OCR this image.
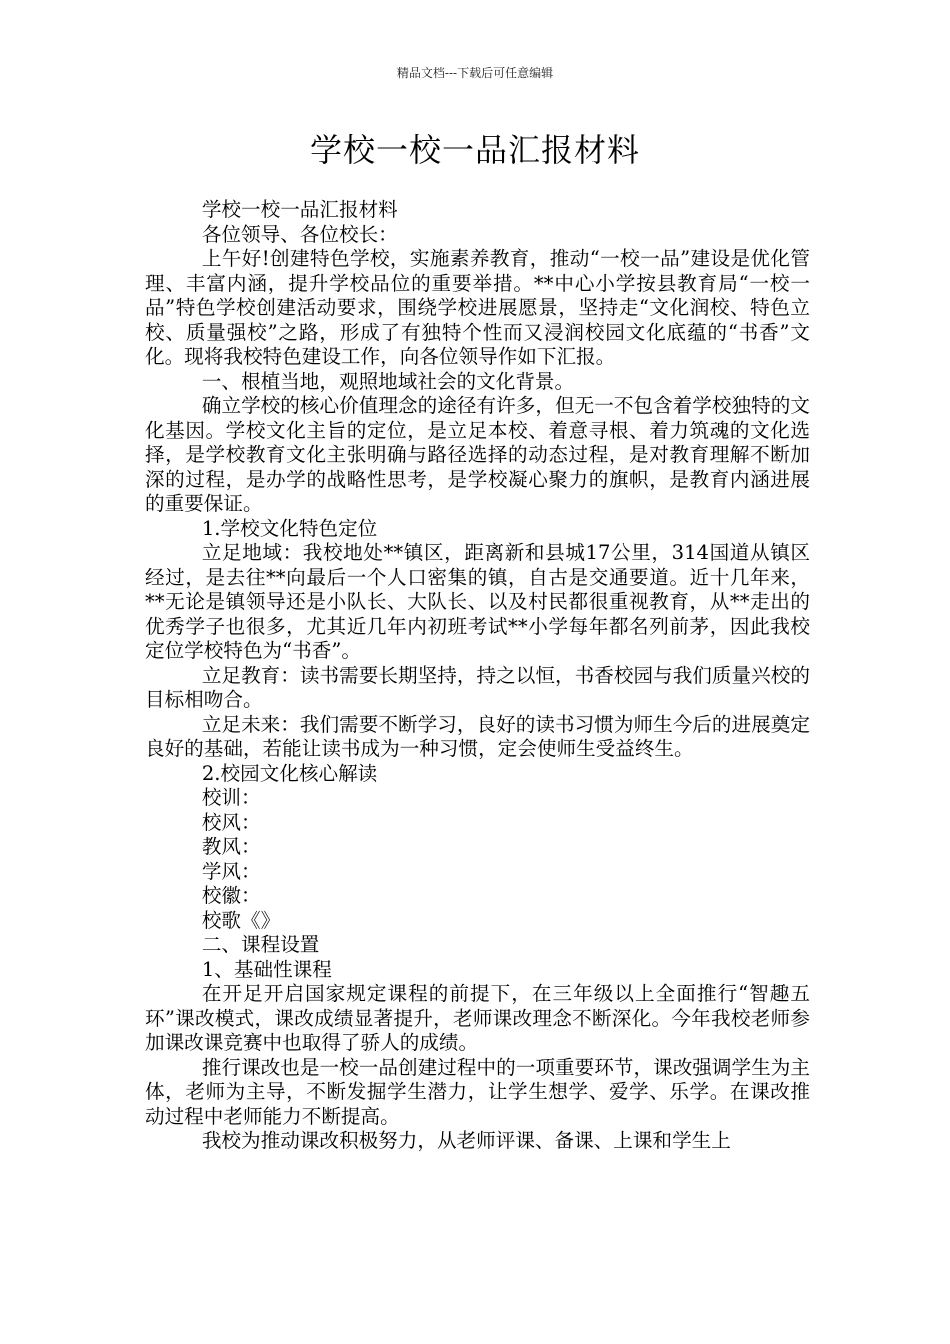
精品文档---下载后可任意编辑
学校一校一品汇报材料

学校一校一品汇报材料

各位领导、各位校长：

上午好!创建特色学校，实施素养教育，推动“一校一品”建设是优化管理、丰富内涵，提升学校品位的重要举措。**中心小学按县教育局“一校一品”特色学校创建活动要求，围绕学校进展愿景，坚持走“文化润校、特色立校、质量强校”之路，形成了有独特个性而又浸润校园文化底蕴的“书香”文化。现将我校特色建设工作，向各位领导作如下汇报。

一、根植当地，观照地域社会的文化背景。

确立学校的核心价值理念的途径有许多，但无一不包含着学校独特的文化基因。学校文化主旨的定位，是立足本校、着意寻根、着力筑魂的文化选择，是学校教育文化主张明确与路径选择的动态过程，是对教育理解不断加深的过程，是办学的战略性思考，是学校凝心聚力的旗帜，是教育内涵进展的重要保证。

1.学校文化特色定位

立足地域：我校地处**镇区，距离新和县城17公里，314国道从镇区经过，是去往**向最后一个人口密集的镇，自古是交通要道。近十几年来，**无论是镇领导还是小队长、大队长、以及村民都很重视教育，从**走出的优秀学子也很多，尤其近几年内初班考试**小学每年都名列前茅，因此我校定位学校特色为“书香”。

立足教育：读书需要长期坚持，持之以恒，书香校园与我们质量兴校的目标相吻合。

立足未来：我们需要不断学习，良好的读书习惯为师生今后的进展奠定良好的基础，若能让读书成为一种习惯，定会使师生受益终生。

2.校园文化核心解读

校训：

校风：

教风：

学风：

校徽：

校歌《》

二、课程设置

1、基础性课程

在开足开启国家规定课程的前提下，在三年级以上全面推行“智趣五环”课改模式，课改成绩显著提升，老师课改理念不断深化。今年我校老师参加课改课竞赛中也取得了骄人的成绩。

推行课改也是一校一品创建过程中的一项重要环节，课改强调学生为主体，老师为主导，不断发掘学生潜力，让学生想学、爱学、乐学。在课改推动过程中老师能力不断提高。

我校为推动课改积极努力，从老师评课、备课、上课和学生上
